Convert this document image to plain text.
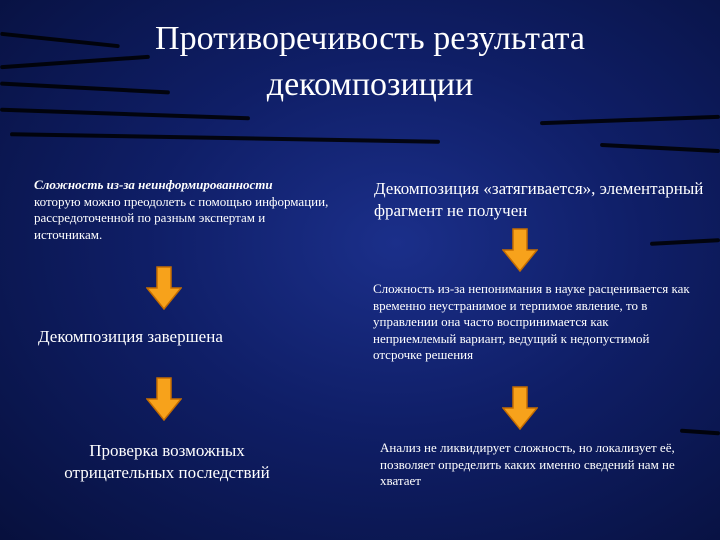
Противоречивость результата
декомпозиции
Сложность из-за неинформированности
которую можно преодолеть с помощью информации, рассредоточенной по разным экспертам и источникам.
Декомпозиция «затягивается», элементарный фрагмент не получен
Декомпозиция завершена
Сложность из-за непонимания в науке расценивается как временно неустранимое и терпимое явление, то в управлении она часто воспринимается как неприемлемый вариант, ведущий к недопустимой отсрочке решения
Проверка возможных отрицательных последствий
Анализ не ликвидирует сложность, но локализует её, позволяет определить каких именно сведений нам не хватает
